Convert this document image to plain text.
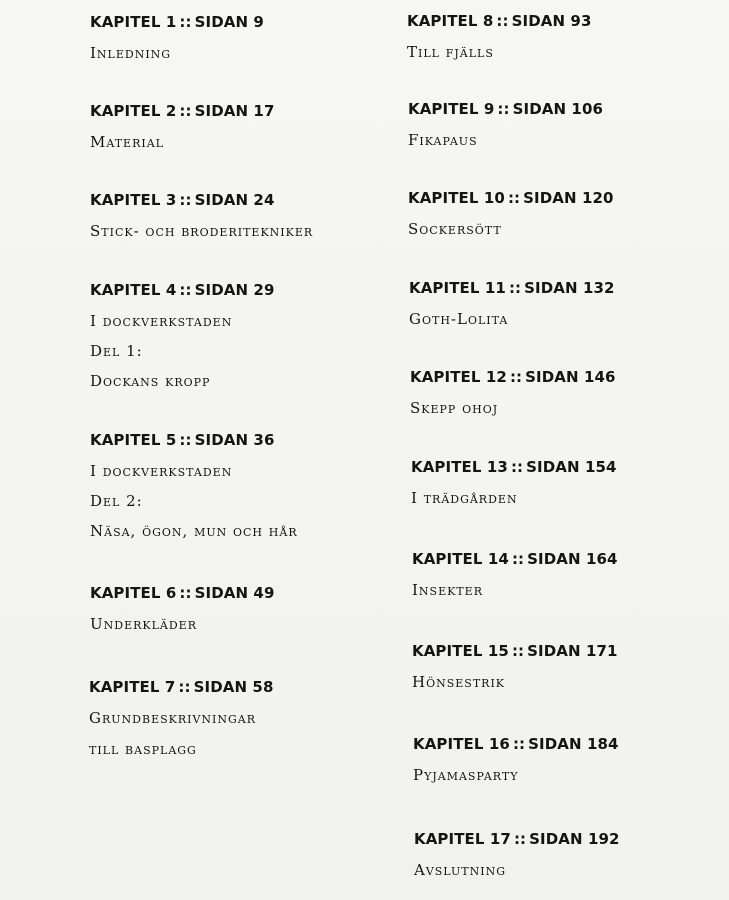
KAPITEL 1 :: SIDAN 9
Inledning
KAPITEL 2 :: SIDAN 17
Material
KAPITEL 3 :: SIDAN 24
Stick- och broderitekniker
KAPITEL 4 :: SIDAN 29
I dockverkstaden
Del 1:
Dockans kropp
KAPITEL 5 :: SIDAN 36
I dockverkstaden
Del 2:
Näsa, ögon, mun och hår
KAPITEL 6 :: SIDAN 49
Underkläder
KAPITEL 7 :: SIDAN 58
Grundbeskrivningar
till basplagg
KAPITEL 8 :: SIDAN 93
Till fjälls
KAPITEL 9 :: SIDAN 106
Fikapaus
KAPITEL 10 :: SIDAN 120
Sockersött
KAPITEL 11 :: SIDAN 132
Goth-Lolita
KAPITEL 12 :: SIDAN 146
Skepp ohoj
KAPITEL 13 :: SIDAN 154
I trädgården
KAPITEL 14 :: SIDAN 164
Insekter
KAPITEL 15 :: SIDAN 171
Hönsestrik
KAPITEL 16 :: SIDAN 184
Pyjamasparty
KAPITEL 17 :: SIDAN 192
Avslutning
